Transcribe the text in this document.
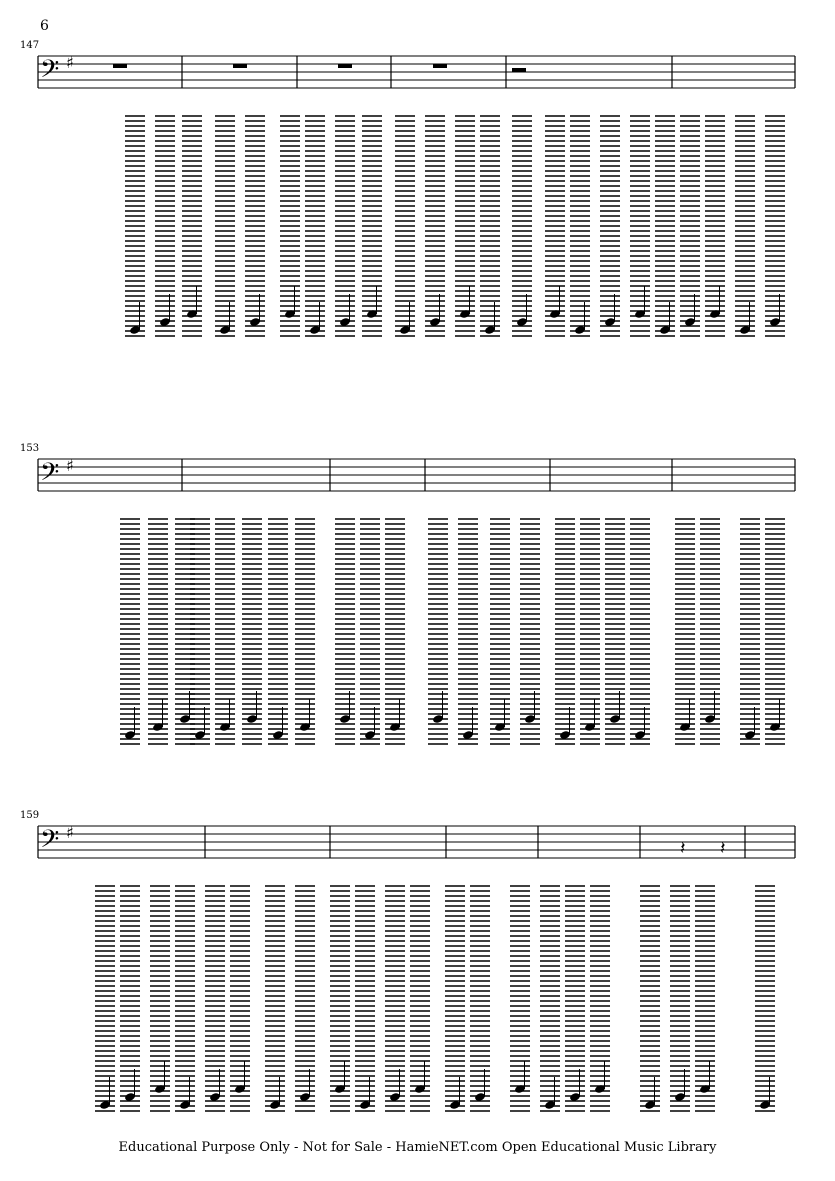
6
147
𝄢 ♯
153
𝄢 ♯
159
𝄢 ♯
𝄽 𝄽
Educational Purpose Only - Not for Sale - HamieNET.com Open Educational Music Library
